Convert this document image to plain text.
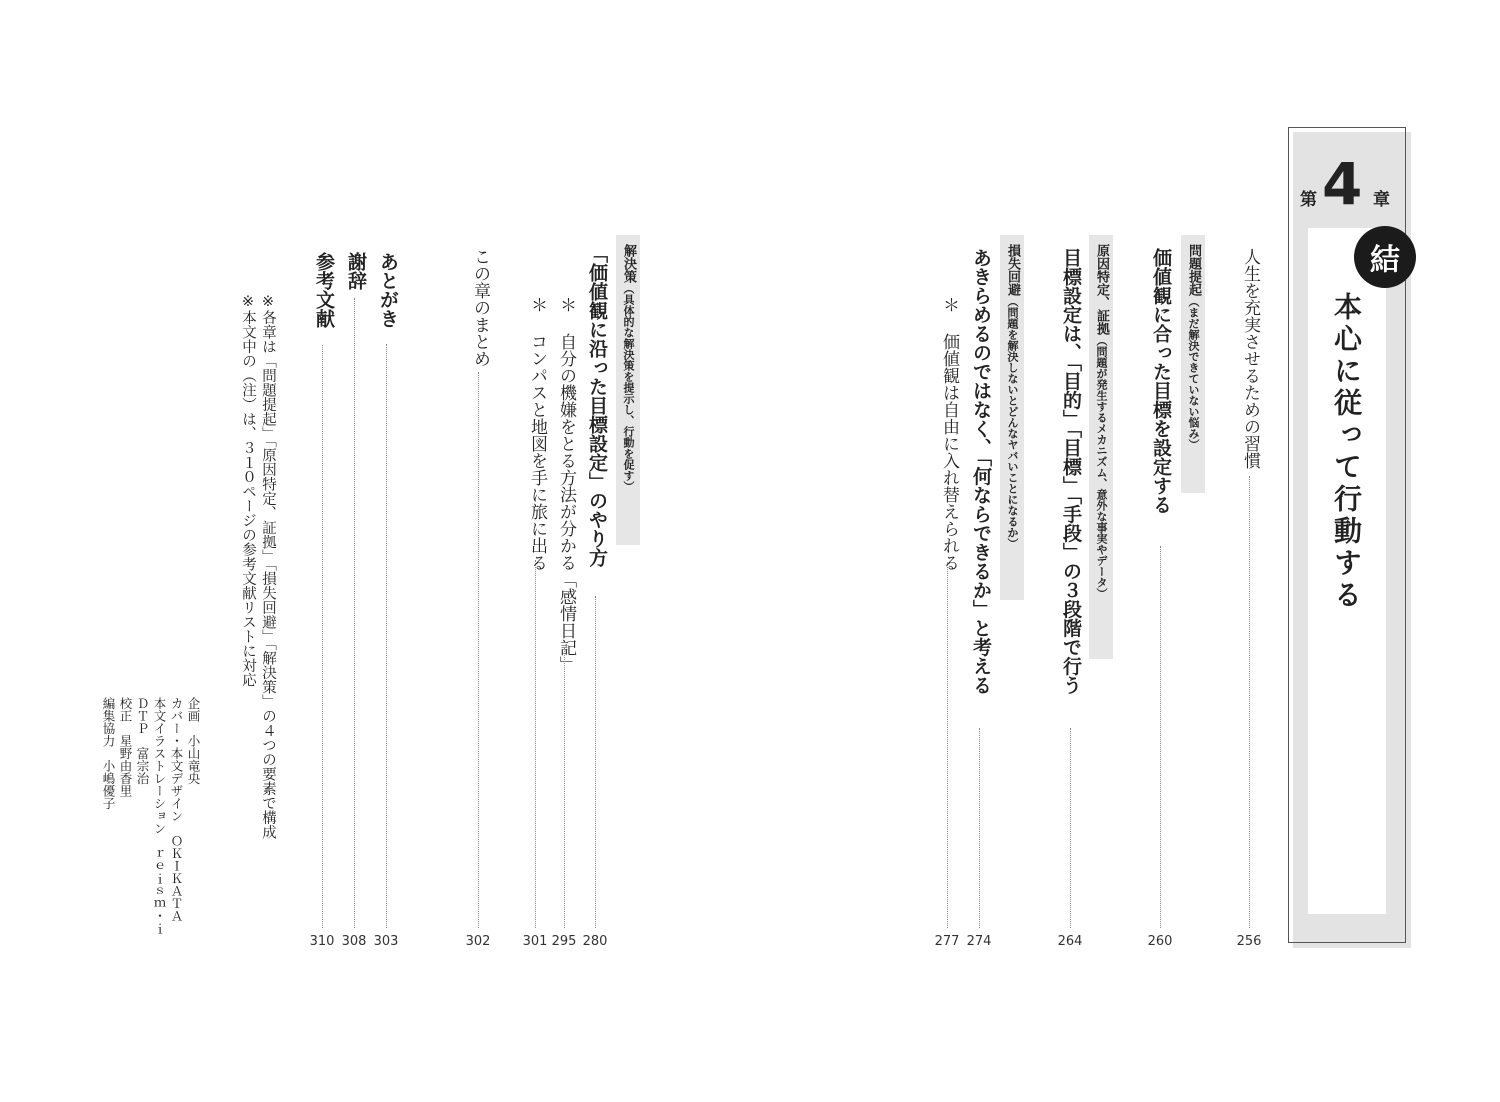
第 4 章
結
本心に従って行動する
人生を充実させるための習慣
256
問題提起（まだ解決できていない悩み）
価値観に合った目標を設定する
260
原因特定、証拠（問題が発生するメカニズム、意外な事実やデータ）
目標設定は、「目的」「目標」「手段」の３段階で行う
264
損失回避（問題を解決しないとどんなヤバいことになるか）
あきらめるのではなく、「何ならできるか」と考える
274
＊ 価値観は自由に入れ替えられる
277
解決策（具体的な解決策を提示し、行動を促す）
「価値観に沿った目標設定」のやり方
280
＊ 自分の機嫌をとる方法が分かる「感情日記」
295
＊ コンパスと地図を手に旅に出る
301
この章のまとめ
302
あとがき
303
謝辞
308
参考文献
310
※各章は「問題提起」「原因特定、証拠」「損失回避」「解決策」の４つの要素で構成
※本文中の（注）は、３１０ページの参考文献リストに対応
企画　小山竜央
カバー・本文デザイン　ＯＫＩＫＡＴＡ
本文イラストレーション　ｒｅｉｓｍ・ｉ
ＤＴＰ　富宗治
校正　星野由香里
編集協力　小嶋優子
